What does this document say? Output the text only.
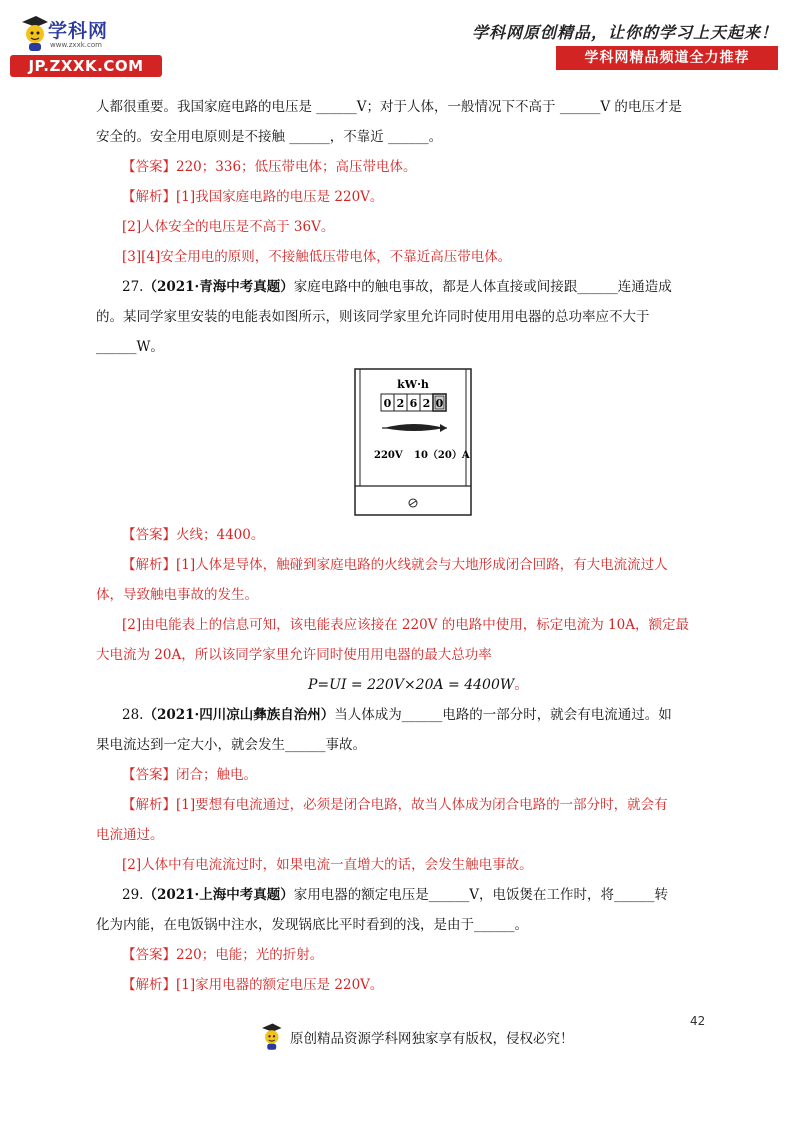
学科网
www.zxxk.com
JP.ZXXK.COM
学科网原创精品，让你的学习上天起来！
学科网精品频道全力推荐

人都很重要。我国家庭电路的电压是 ______V；对于人体，一般情况下不高于 ______V 的电压才是

安全的。安全用电原则是不接触 ______，不靠近 ______。

【答案】220；336；低压带电体；高压带电体。

【解析】[1]我国家庭电路的电压是 220V。

[2]人体安全的电压是不高于 36V。

[3][4]安全用电的原则，不接触低压带电体，不靠近高压带电体。

27.（2021·青海中考真题）家庭电路中的触电事故，都是人体直接或间接跟______连通造成

的。某同学家里安装的电能表如图所示，则该同学家里允许同时使用用电器的总功率应不大于

______W。

kW·h
0 2 6 2 0
220V 10（20）A

【答案】火线；4400。

【解析】[1]人体是导体，触碰到家庭电路的火线就会与大地形成闭合回路，有大电流流过人

体，导致触电事故的发生。

[2]由电能表上的信息可知，该电能表应该接在 220V 的电路中使用，标定电流为 10A，额定最

大电流为 20A，所以该同学家里允许同时使用用电器的最大总功率

P=UI = 220V×20A = 4400W。

28.（2021·四川凉山彝族自治州）当人体成为______电路的一部分时，就会有电流通过。如

果电流达到一定大小，就会发生______事故。

【答案】闭合；触电。

【解析】[1]要想有电流通过，必须是闭合电路，故当人体成为闭合电路的一部分时，就会有

电流通过。

[2]人体中有电流流过时，如果电流一直增大的话，会发生触电事故。

29.（2021·上海中考真题）家用电器的额定电压是______V，电饭煲在工作时，将______转

化为内能，在电饭锅中注水，发现锅底比平时看到的浅，是由于______。

【答案】220；电能；光的折射。

【解析】[1]家用电器的额定电压是 220V。

42
原创精品资源学科网独家享有版权，侵权必究！
